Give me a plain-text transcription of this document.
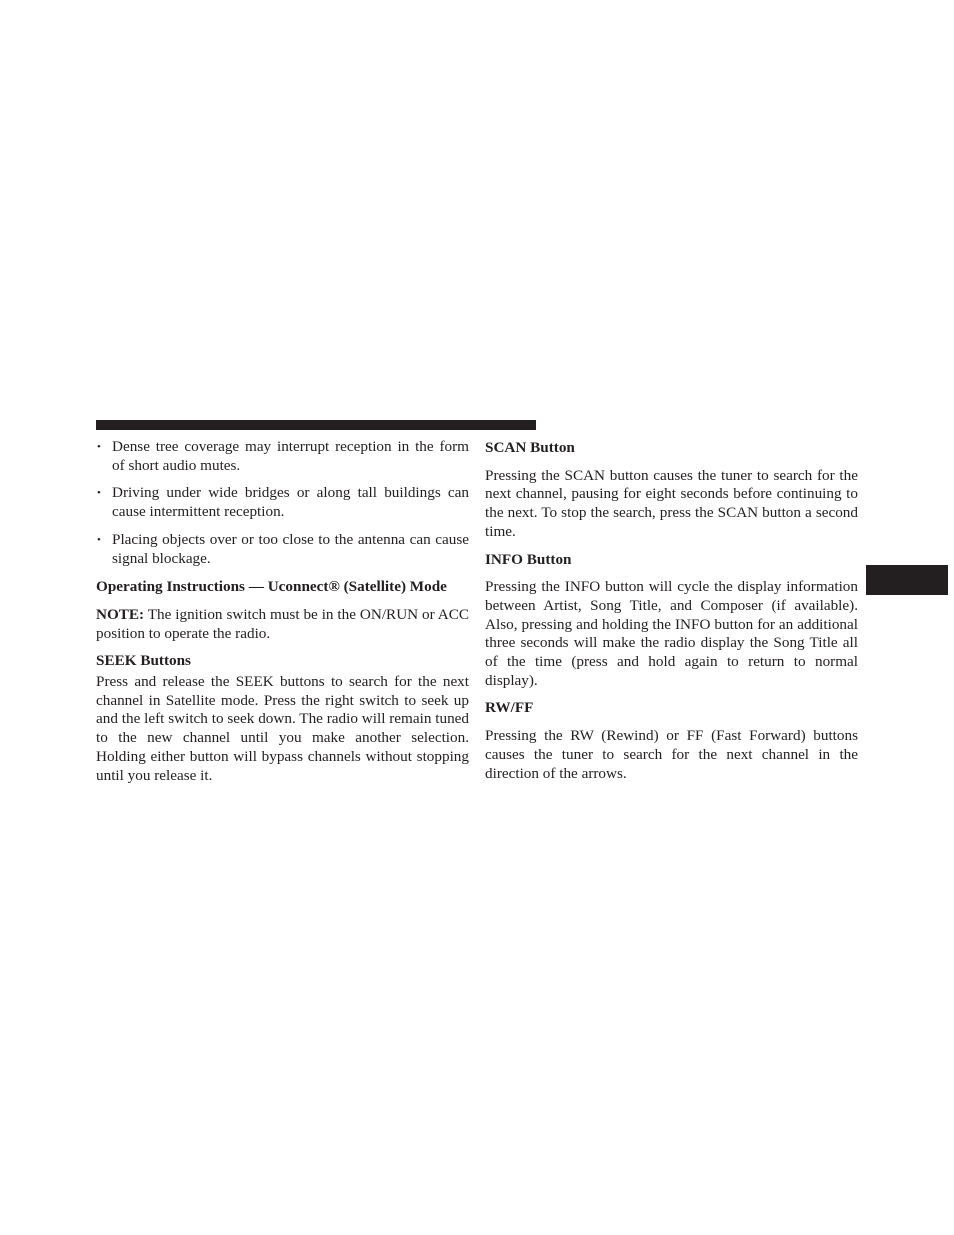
• Dense tree coverage may interrupt reception in the form of short audio mutes.
• Driving under wide bridges or along tall buildings can cause intermittent reception.
• Placing objects over or too close to the antenna can cause signal blockage.
Operating Instructions — Uconnect® (Satellite) Mode

NOTE: The ignition switch must be in the ON/RUN or ACC position to operate the radio.

SEEK Buttons

Press and release the SEEK buttons to search for the next channel in Satellite mode. Press the right switch to seek up and the left switch to seek down. The radio will remain tuned to the new channel until you make another selection. Holding either button will bypass channels without stopping until you release it.

SCAN Button

Pressing the SCAN button causes the tuner to search for the next channel, pausing for eight seconds before continuing to the next. To stop the search, press the SCAN button a second time.

INFO Button

Pressing the INFO button will cycle the display information between Artist, Song Title, and Composer (if available). Also, pressing and holding the INFO button for an additional three seconds will make the radio display the Song Title all of the time (press and hold again to return to normal display).

RW/FF

Pressing the RW (Rewind) or FF (Fast Forward) buttons causes the tuner to search for the next channel in the direction of the arrows.
